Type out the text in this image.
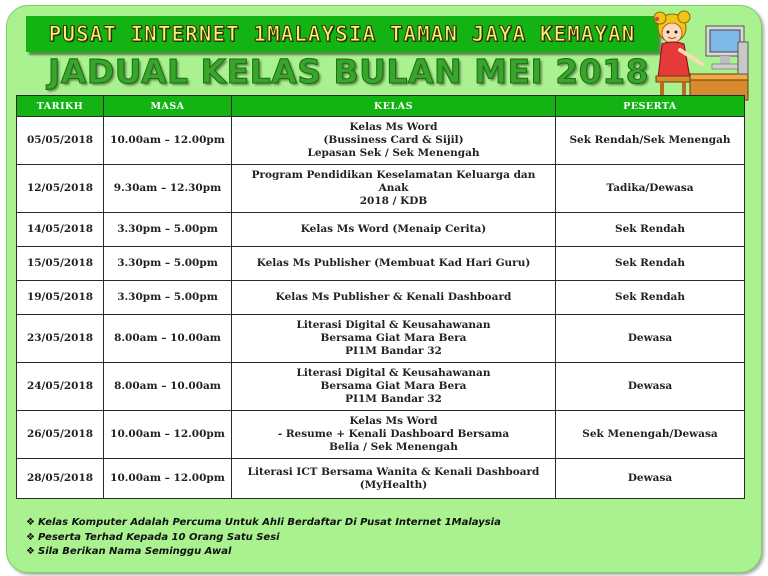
PUSAT INTERNET 1MALAYSIA TAMAN JAYA KEMAYAN
JADUAL KELAS BULAN MEI 2018
TARIKH	MASA	KELAS	PESERTA
05/05/2018	10.00am – 12.00pm	Kelas Ms Word
(Bussiness Card & Sijil)
Lepasan Sek / Sek Menengah	Sek Rendah/Sek Menengah
12/05/2018	9.30am – 12.30pm	Program Pendidikan Keselamatan Keluarga dan Anak
2018 / KDB	Tadika/Dewasa
14/05/2018	3.30pm – 5.00pm	Kelas Ms Word (Menaip Cerita)	Sek Rendah
15/05/2018	3.30pm – 5.00pm	Kelas Ms Publisher (Membuat Kad Hari Guru)	Sek Rendah
19/05/2018	3.30pm – 5.00pm	Kelas Ms Publisher & Kenali Dashboard	Sek Rendah
23/05/2018	8.00am – 10.00am	Literasi Digital & Keusahawanan
Bersama Giat Mara Bera
PI1M Bandar 32	Dewasa
24/05/2018	8.00am – 10.00am	Literasi Digital & Keusahawanan
Bersama Giat Mara Bera
PI1M Bandar 32	Dewasa
26/05/2018	10.00am – 12.00pm	Kelas Ms Word
- Resume + Kenali Dashboard Bersama
Belia / Sek Menengah	Sek Menengah/Dewasa
28/05/2018	10.00am – 12.00pm	Literasi ICT Bersama Wanita & Kenali Dashboard
(MyHealth)	Dewasa
❖ Kelas Komputer Adalah Percuma Untuk Ahli Berdaftar Di Pusat Internet 1Malaysia
❖ Peserta Terhad Kepada 10 Orang Satu Sesi
❖ Sila Berikan Nama Seminggu Awal
